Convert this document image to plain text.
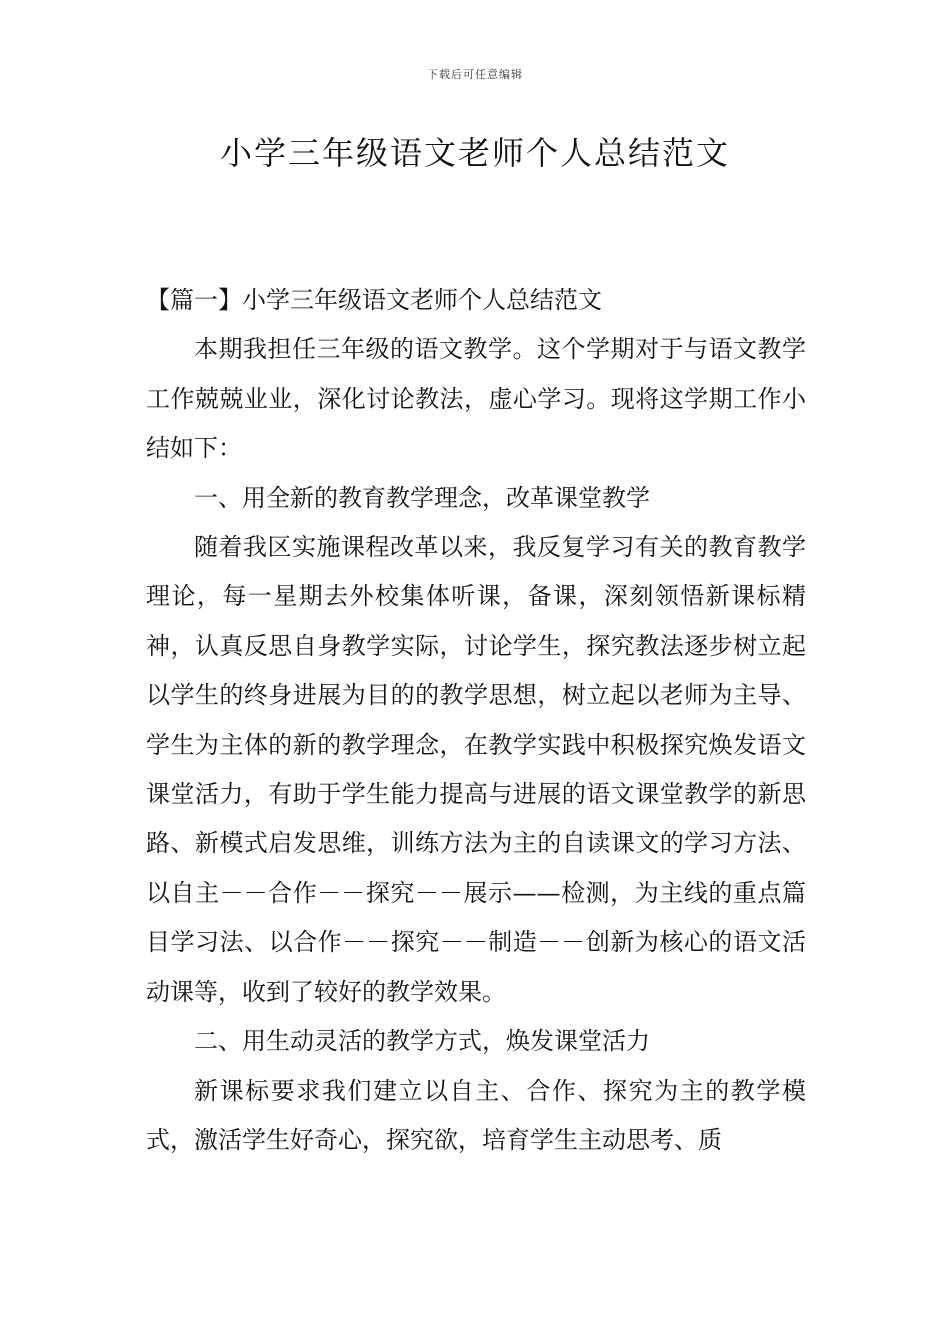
下载后可任意编辑
小学三年级语文老师个人总结范文

【篇一】小学三年级语文老师个人总结范文

本期我担任三年级的语文教学。这个学期对于与语文教学工作兢兢业业，深化讨论教法，虚心学习。现将这学期工作小结如下：

一、用全新的教育教学理念，改革课堂教学

随着我区实施课程改革以来，我反复学习有关的教育教学理论，每一星期去外校集体听课，备课，深刻领悟新课标精神，认真反思自身教学实际，讨论学生，探究教法逐步树立起以学生的终身进展为目的的教学思想，树立起以老师为主导、学生为主体的新的教学理念，在教学实践中积极探究焕发语文课堂活力，有助于学生能力提高与进展的语文课堂教学的新思路、新模式启发思维，训练方法为主的自读课文的学习方法、以自主－－合作－－探究－－展示——检测，为主线的重点篇目学习法、以合作－－探究－－制造－－创新为核心的语文活动课等，收到了较好的教学效果。

二、用生动灵活的教学方式，焕发课堂活力

新课标要求我们建立以自主、合作、探究为主的教学模式，激活学生好奇心，探究欲，培育学生主动思考、质
